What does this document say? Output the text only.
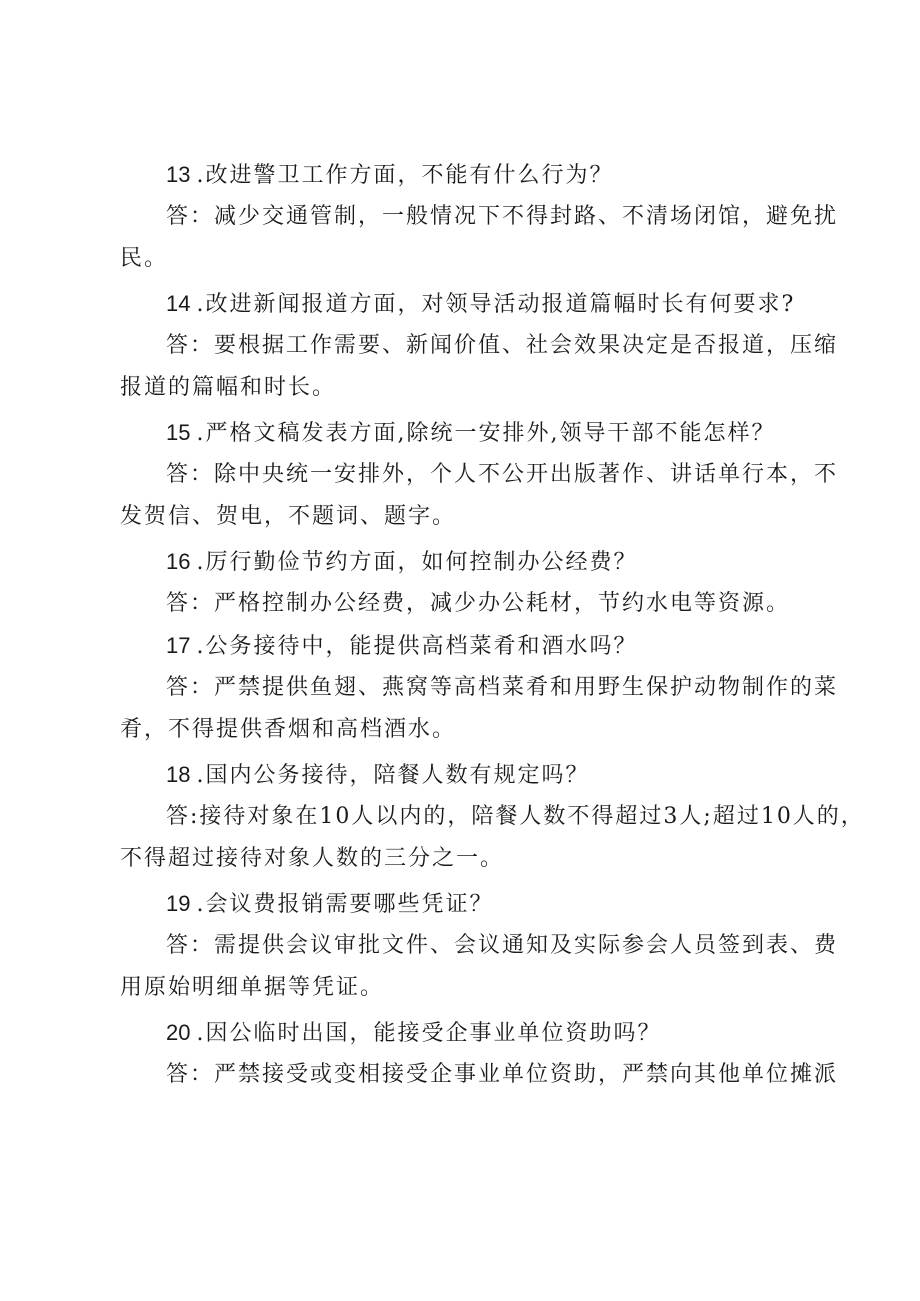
13 .改进警卫工作方面，不能有什么行为？
答：减少交通管制，一般情况下不得封路、不清场闭馆，避免扰
民。
14 .改进新闻报道方面，对领导活动报道篇幅时长有何要求?
答：要根据工作需要、新闻价值、社会效果决定是否报道，压缩
报道的篇幅和时长。
15 .严格文稿发表方面,除统一安排外,领导干部不能怎样？
答：除中央统一安排外，个人不公开出版著作、讲话单行本，不
发贺信、贺电，不题词、题字。
16 .厉行勤俭节约方面，如何控制办公经费？
答：严格控制办公经费，减少办公耗材，节约水电等资源。
17 .公务接待中，能提供高档菜肴和酒水吗？
答：严禁提供鱼翅、燕窝等高档菜肴和用野生保护动物制作的菜
肴，不得提供香烟和高档酒水。
18 .国内公务接待，陪餐人数有规定吗？
答:接待对象在10人以内的，陪餐人数不得超过3人;超过10人的，
不得超过接待对象人数的三分之一。
19 .会议费报销需要哪些凭证？
答：需提供会议审批文件、会议通知及实际参会人员签到表、费
用原始明细单据等凭证。
20 .因公临时出国，能接受企事业单位资助吗？
答：严禁接受或变相接受企事业单位资助，严禁向其他单位摊派
